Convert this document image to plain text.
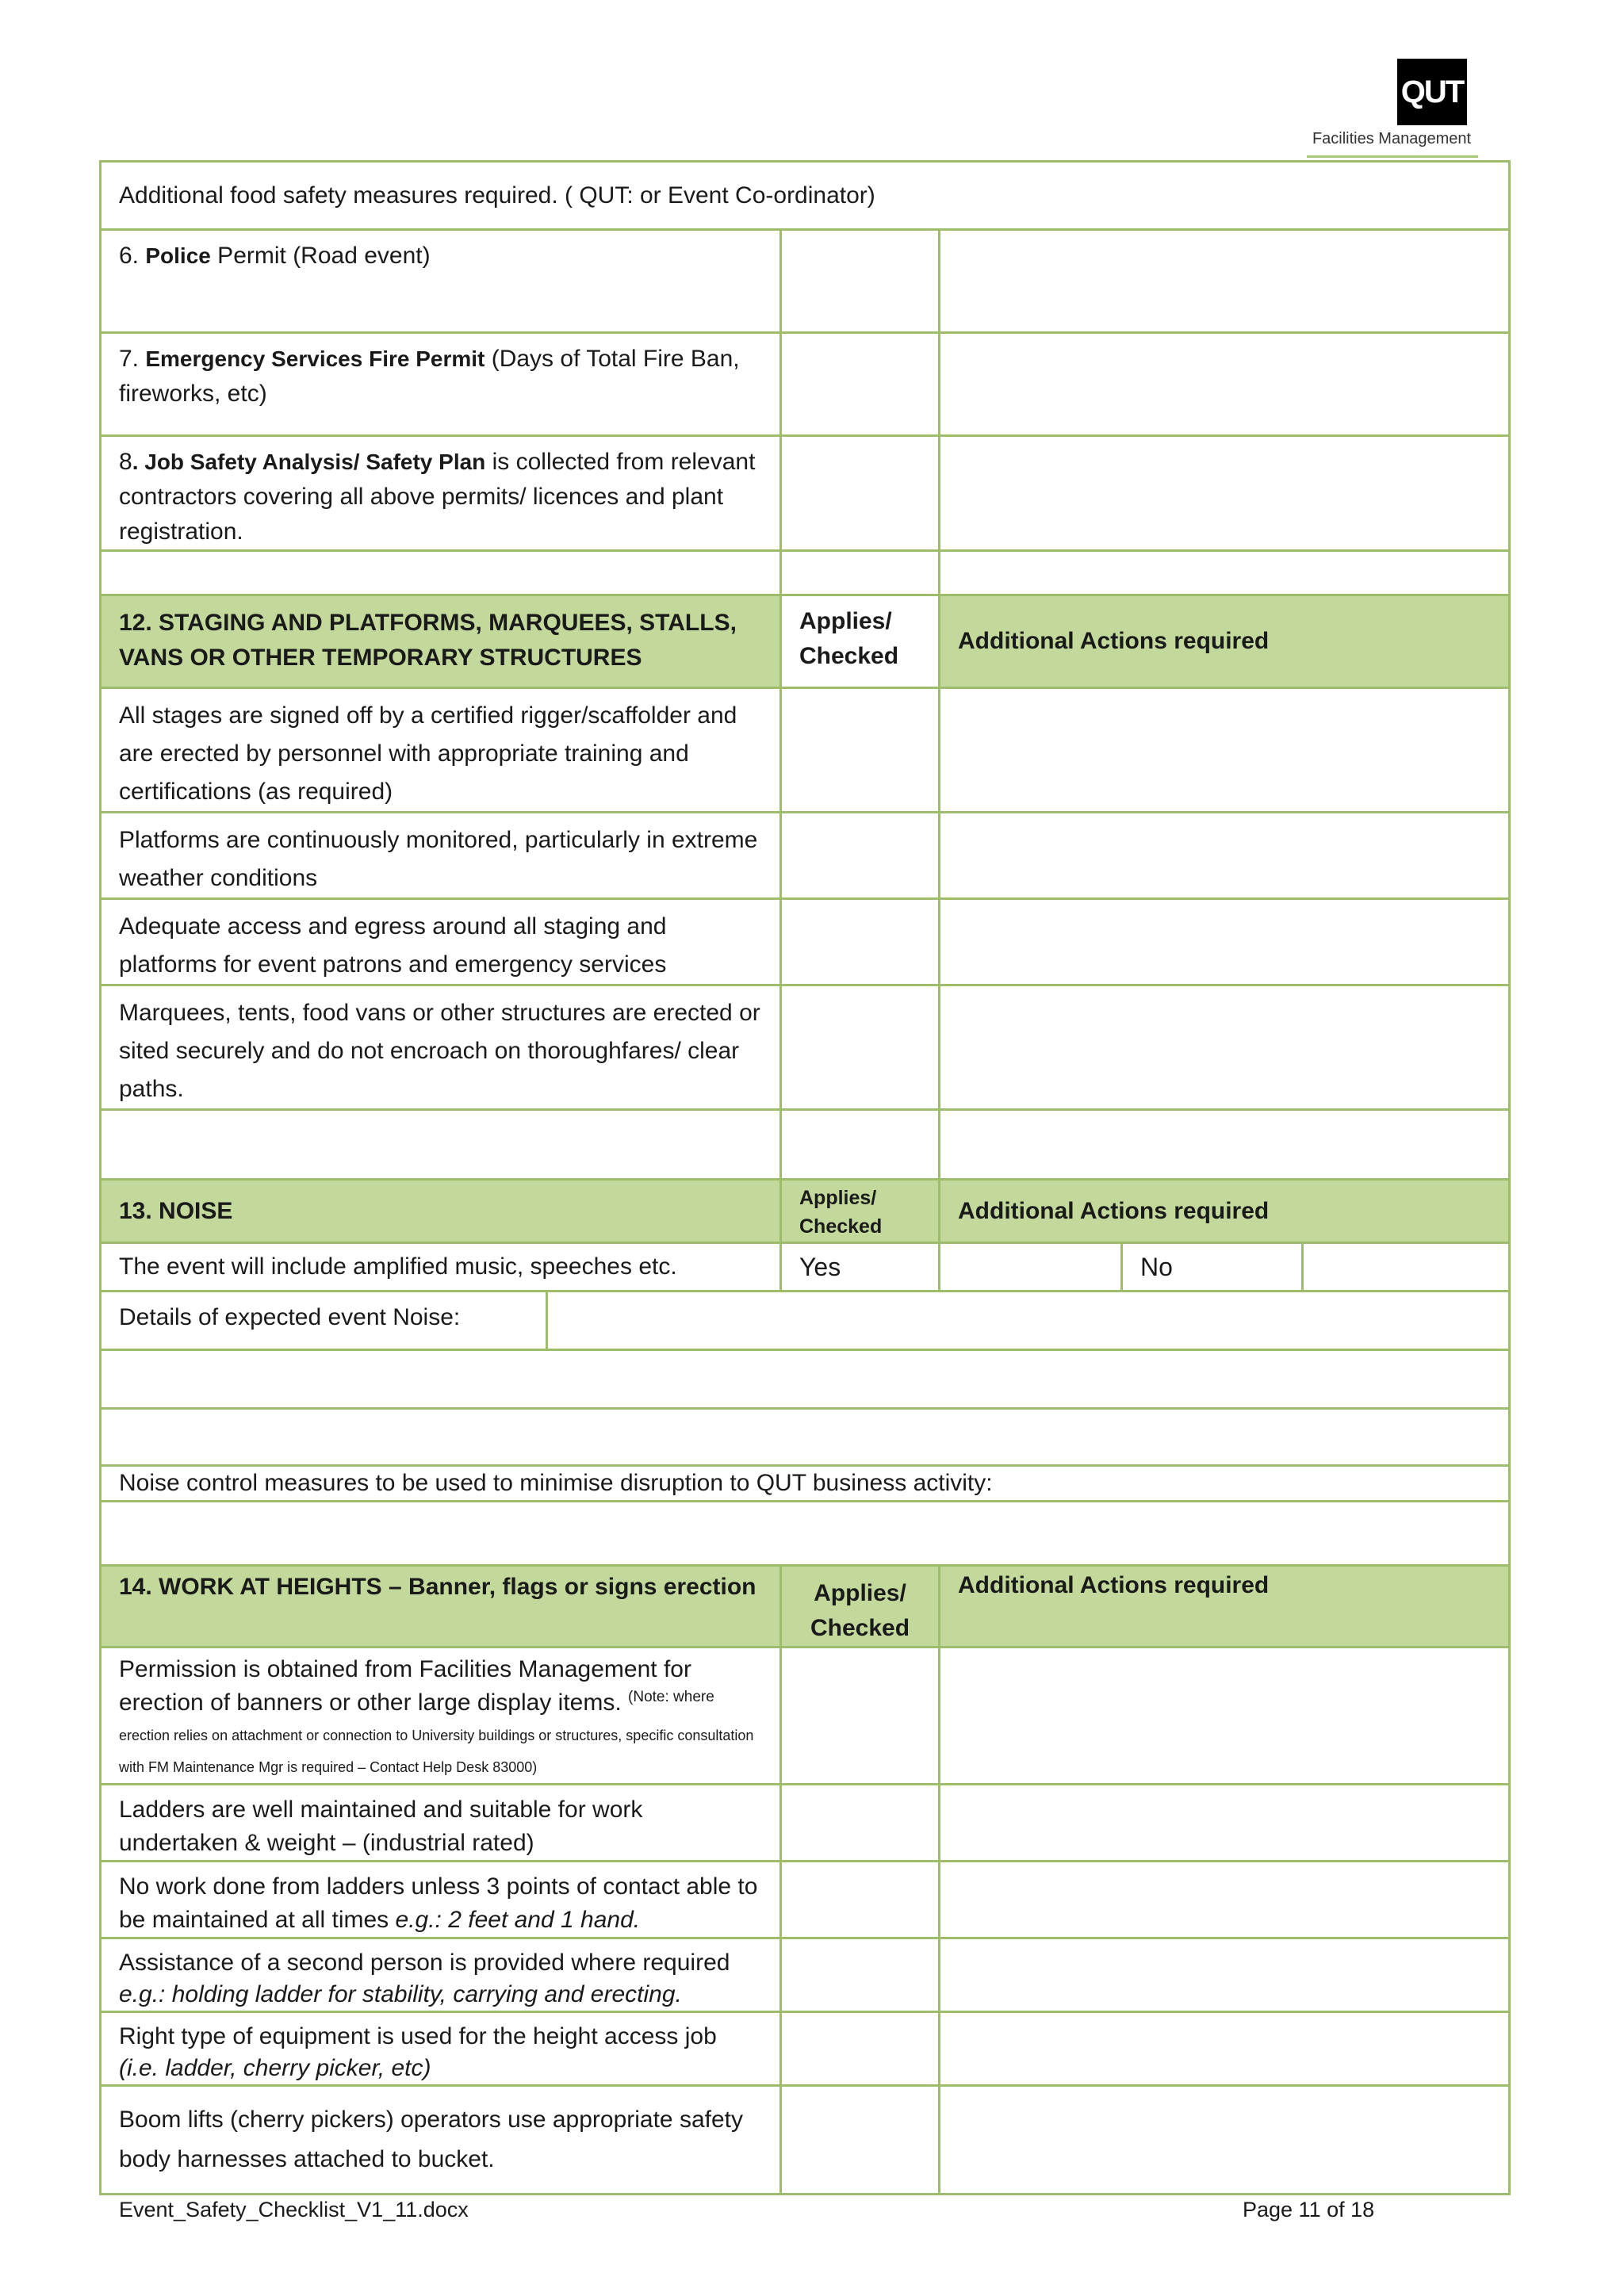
QUT
Facilities Management
Additional food safety measures required. ( QUT: or Event Co-ordinator)					
6. Police Permit (Road event)					
7. Emergency Services Fire Permit (Days of Total Fire Ban, fireworks, etc)					
8. Job Safety Analysis/ Safety Plan is collected from relevant contractors covering all above permits/ licences and plant registration.					

12. STAGING AND PLATFORMS, MARQUEES, STALLS, VANS OR OTHER TEMPORARY STRUCTURES		Applies/ Checked	Additional Actions required		
All stages are signed off by a certified rigger/scaffolder and are erected by personnel with appropriate training and certifications (as required)					
Platforms are continuously monitored, particularly in extreme weather conditions					
Adequate access and egress around all staging and platforms for event patrons and emergency services					
Marquees, tents, food vans or other structures are erected or sited securely and do not encroach on thoroughfares/ clear paths.					

13. NOISE		Applies/ Checked	Additional Actions required		
The event will include amplified music, speeches etc.		Yes		No	
Details of expected event Noise:					

Noise control measures to be used to minimise disruption to QUT business activity:					

14. WORK AT HEIGHTS – Banner, flags or signs erection	Applies/ Checked	Additional Actions required
Permission is obtained from Facilities Management for erection of banners or other large display items. $^{(Note: where}$
erection relies on attachment or connection to University buildings or structures, specific consultation with FM Maintenance Mgr is required – Contact Help Desk 83000)		

Ladders are well maintained and suitable for work undertaken & weight – (industrial rated)		
No work done from ladders unless 3 points of contact able to be maintained at all times e.g.: 2 feet and 1 hand.		
Assistance of a second person is provided where required
e.g.: holding ladder for stability, carrying and erecting.		
Right type of equipment is used for the height access job
(i.e. ladder, cherry picker, etc)		
Boom lifts (cherry pickers) operators use appropriate safety body harnesses attached to bucket.		
Event_Safety_Checklist_V1_11.docx	Page 11 of 18
